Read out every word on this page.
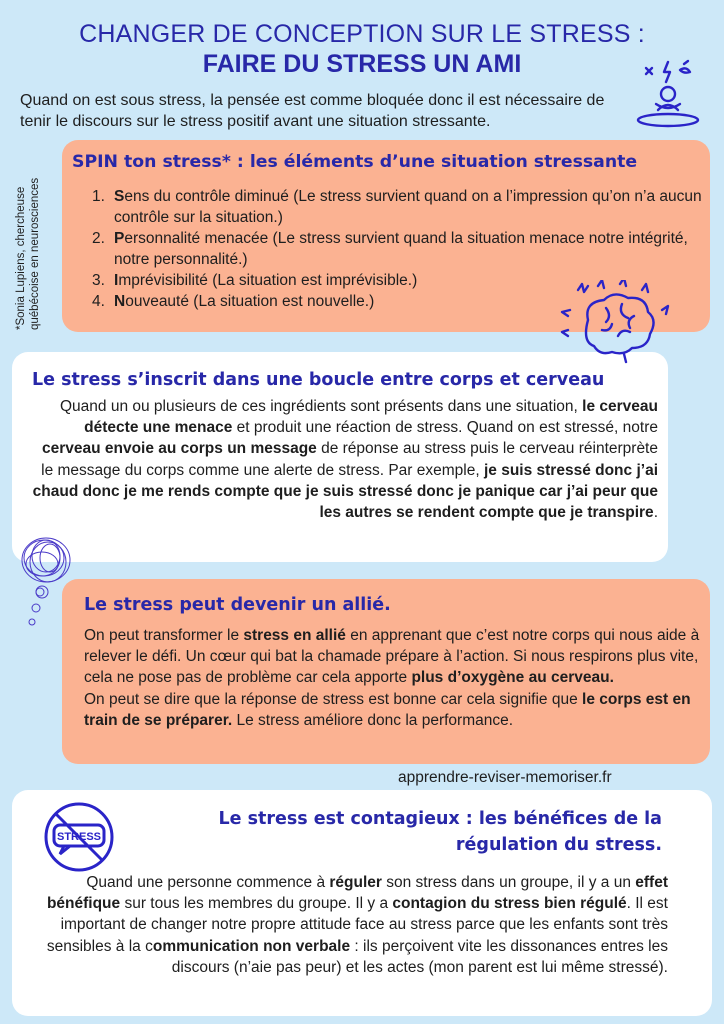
CHANGER DE CONCEPTION SUR LE STRESS :
FAIRE DU STRESS UN AMI
Quand on est sous stress, la pensée est comme bloquée donc il est nécessaire de tenir le discours sur le stress positif avant une situation stressante.
*Sonia Lupiens, chercheuse québécoise en neurosciences
SPIN ton stress* : les éléments d’une situation stressante
1. Sens du contrôle diminué (Le stress survient quand on a l’impression qu’on n’a aucun contrôle sur la situation.)
2. Personnalité menacée (Le stress survient quand la situation menace notre intégrité, notre personnalité.)
3. Imprévisibilité (La situation est imprévisible.)
4. Nouveauté (La situation est nouvelle.)
Le stress s’inscrit dans une boucle entre corps et cerveau
Quand un ou plusieurs de ces ingrédients sont présents dans une situation, le cerveau détecte une menace et produit une réaction de stress. Quand on est stressé, notre cerveau envoie au corps un message de réponse au stress puis le cerveau réinterprète le message du corps comme une alerte de stress. Par exemple, je suis stressé donc j’ai chaud donc je me rends compte que je suis stressé donc je panique car j’ai peur que les autres se rendent compte que je transpire.
Le stress peut devenir un allié.
On peut transformer le stress en allié en apprenant que c’est notre corps qui nous aide à relever le défi. Un cœur qui bat la chamade prépare à l’action. Si nous respirons plus vite, cela ne pose pas de problème car cela apporte plus d’oxygène au cerveau.
On peut se dire que la réponse de stress est bonne car cela signifie que le corps est en train de se préparer. Le stress améliore donc la performance.
apprendre-reviser-memoriser.fr
STRESS
Le stress est contagieux : les bénéfices de la
régulation du stress.
Quand une personne commence à réguler son stress dans un groupe, il y a un effet bénéfique sur tous les membres du groupe. Il y a contagion du stress bien régulé. Il est important de changer notre propre attitude face au stress parce que les enfants sont très sensibles à la communication non verbale : ils perçoivent vite les dissonances entres les discours (n’aie pas peur) et les actes (mon parent est lui même stressé).
